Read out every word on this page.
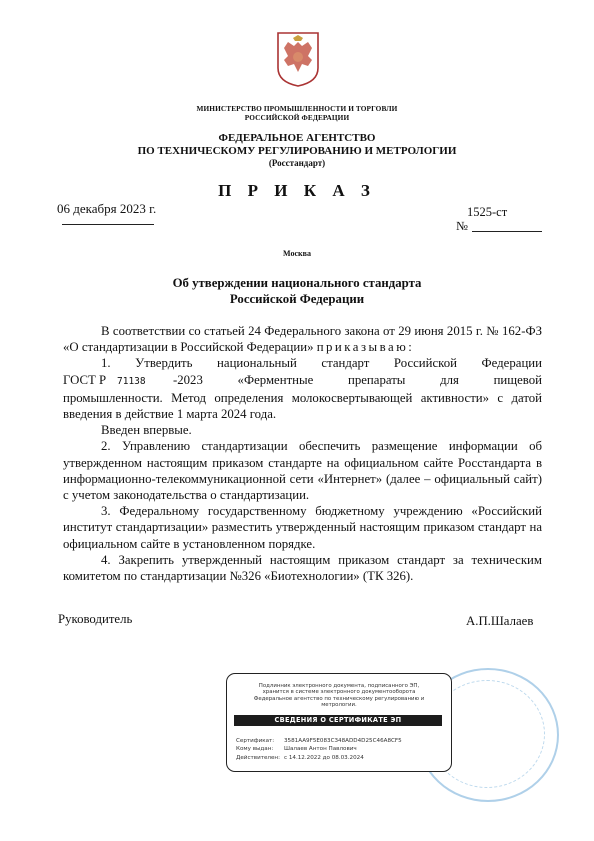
МИНИСТЕРСТВО ПРОМЫШЛЕННОСТИ И ТОРГОВЛИ
РОССИЙСКОЙ ФЕДЕРАЦИИ
ФЕДЕРАЛЬНОЕ АГЕНТСТВО
ПО ТЕХНИЧЕСКОМУ РЕГУЛИРОВАНИЮ И МЕТРОЛОГИИ
(Росстандарт)
П Р И К А З
06 декабря 2023 г.	1525-ст
№
Москва
Об утверждении национального стандарта
Российской Федерации

В соответствии со статьей 24 Федерального закона от 29 июня 2015 г. № 162-ФЗ «О стандартизации в Российской Федерации» приказываю:

1. Утвердить национальный стандарт Российской Федерации

ГОСТ Р	71138	-2023 «Ферментные препараты для пищевой

промышленности. Метод определения молокосвертывающей активности» с датой введения в действие 1 марта 2024 года.

Введен впервые.

2. Управлению стандартизации обеспечить размещение информации об утвержденном настоящим приказом стандарте на официальном сайте Росстандарта в информационно-телекоммуникационной сети «Интернет» (далее – официальный сайт) с учетом законодательства о стандартизации.

3. Федеральному государственному бюджетному учреждению «Российский институт стандартизации» разместить утвержденный настоящим приказом стандарт на официальном сайте в установленном порядке.

4. Закрепить утвержденный настоящим приказом стандарт за техническим комитетом по стандартизации №326 «Биотехнологии» (ТК 326).

Руководитель	А.П.Шалаев
Подлинник электронного документа, подписанного ЭП,
хранится в системе электронного документооборота
Федеральное агентство по техническому регулированию и
метрологии.
СВЕДЕНИЯ О СЕРТИФИКАТЕ ЭП
Сертификат: 3581AA9F5E083C348ADD4D25C46A8CF5
Кому выдан: Шалаев Антон Павлович
Действителен: с 14.12.2022 до 08.03.2024
